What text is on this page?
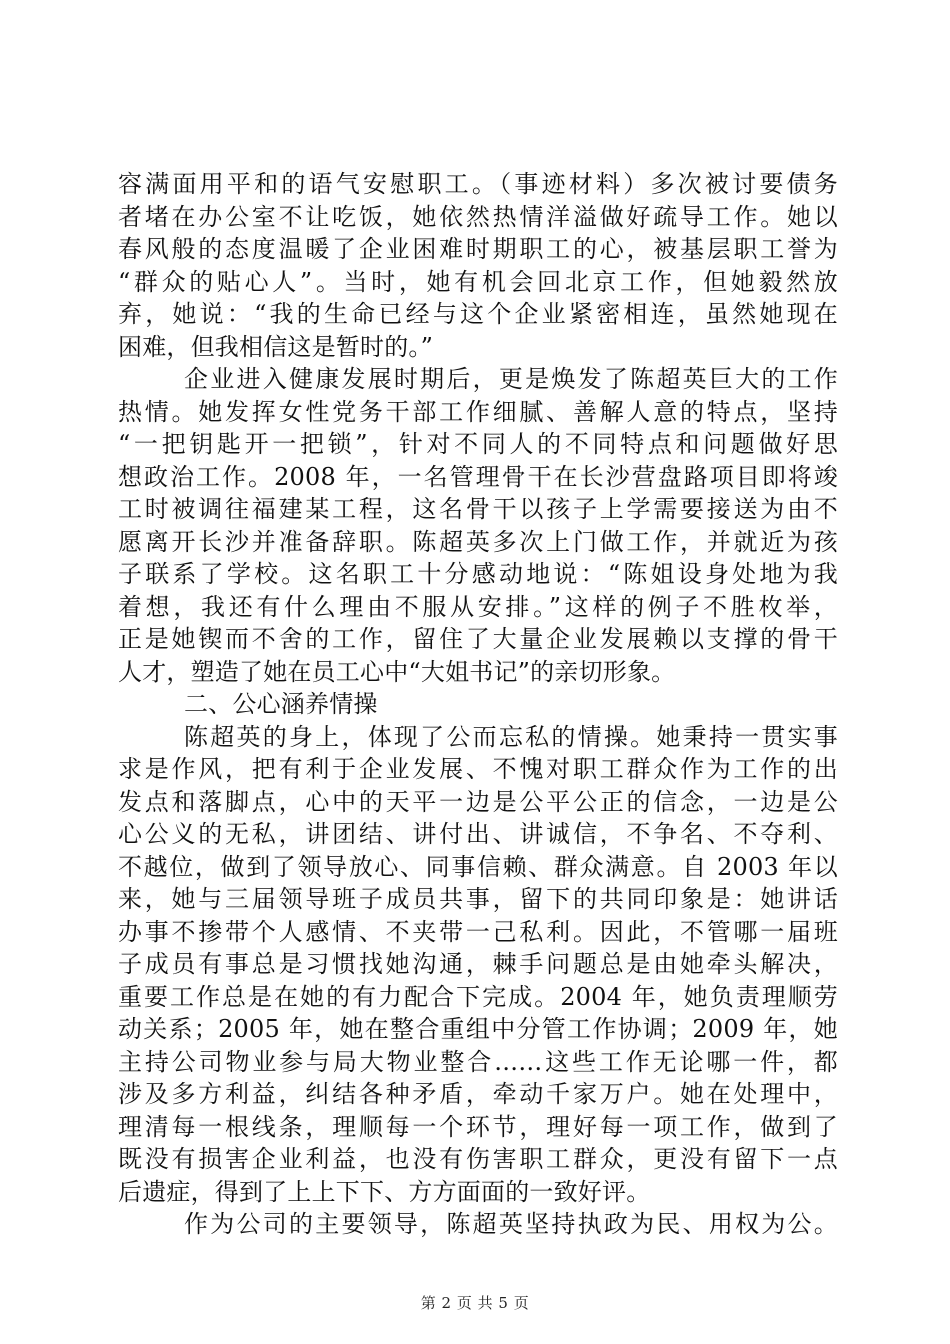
容满面用平和的语气安慰职工。（事迹材料）多次被讨要债务
者堵在办公室不让吃饭，她依然热情洋溢做好疏导工作。她以
春风般的态度温暖了企业困难时期职工的心，被基层职工誉为
“群众的贴心人”。当时，她有机会回北京工作，但她毅然放
弃，她说：“我的生命已经与这个企业紧密相连，虽然她现在
困难，但我相信这是暂时的。”
企业进入健康发展时期后，更是焕发了陈超英巨大的工作
热情。她发挥女性党务干部工作细腻、善解人意的特点，坚持
“一把钥匙开一把锁”，针对不同人的不同特点和问题做好思
想政治工作。2008 年，一名管理骨干在长沙营盘路项目即将竣
工时被调往福建某工程，这名骨干以孩子上学需要接送为由不
愿离开长沙并准备辞职。陈超英多次上门做工作，并就近为孩
子联系了学校。这名职工十分感动地说：“陈姐设身处地为我
着想，我还有什么理由不服从安排。”这样的例子不胜枚举，
正是她锲而不舍的工作，留住了大量企业发展赖以支撑的骨干
人才，塑造了她在员工心中“大姐书记”的亲切形象。
二、公心涵养情操
陈超英的身上，体现了公而忘私的情操。她秉持一贯实事
求是作风，把有利于企业发展、不愧对职工群众作为工作的出
发点和落脚点，心中的天平一边是公平公正的信念，一边是公
心公义的无私，讲团结、讲付出、讲诚信，不争名、不夺利、
不越位，做到了领导放心、同事信赖、群众满意。自 2003 年以
来，她与三届领导班子成员共事，留下的共同印象是：她讲话
办事不掺带个人感情、不夹带一己私利。因此，不管哪一届班
子成员有事总是习惯找她沟通，棘手问题总是由她牵头解决，
重要工作总是在她的有力配合下完成。2004 年，她负责理顺劳
动关系；2005 年，她在整合重组中分管工作协调；2009 年，她
主持公司物业参与局大物业整合……这些工作无论哪一件，都
涉及多方利益，纠结各种矛盾，牵动千家万户。她在处理中，
理清每一根线条，理顺每一个环节，理好每一项工作，做到了
既没有损害企业利益，也没有伤害职工群众，更没有留下一点
后遗症，得到了上上下下、方方面面的一致好评。
作为公司的主要领导，陈超英坚持执政为民、用权为公。
第 2 页 共 5 页
